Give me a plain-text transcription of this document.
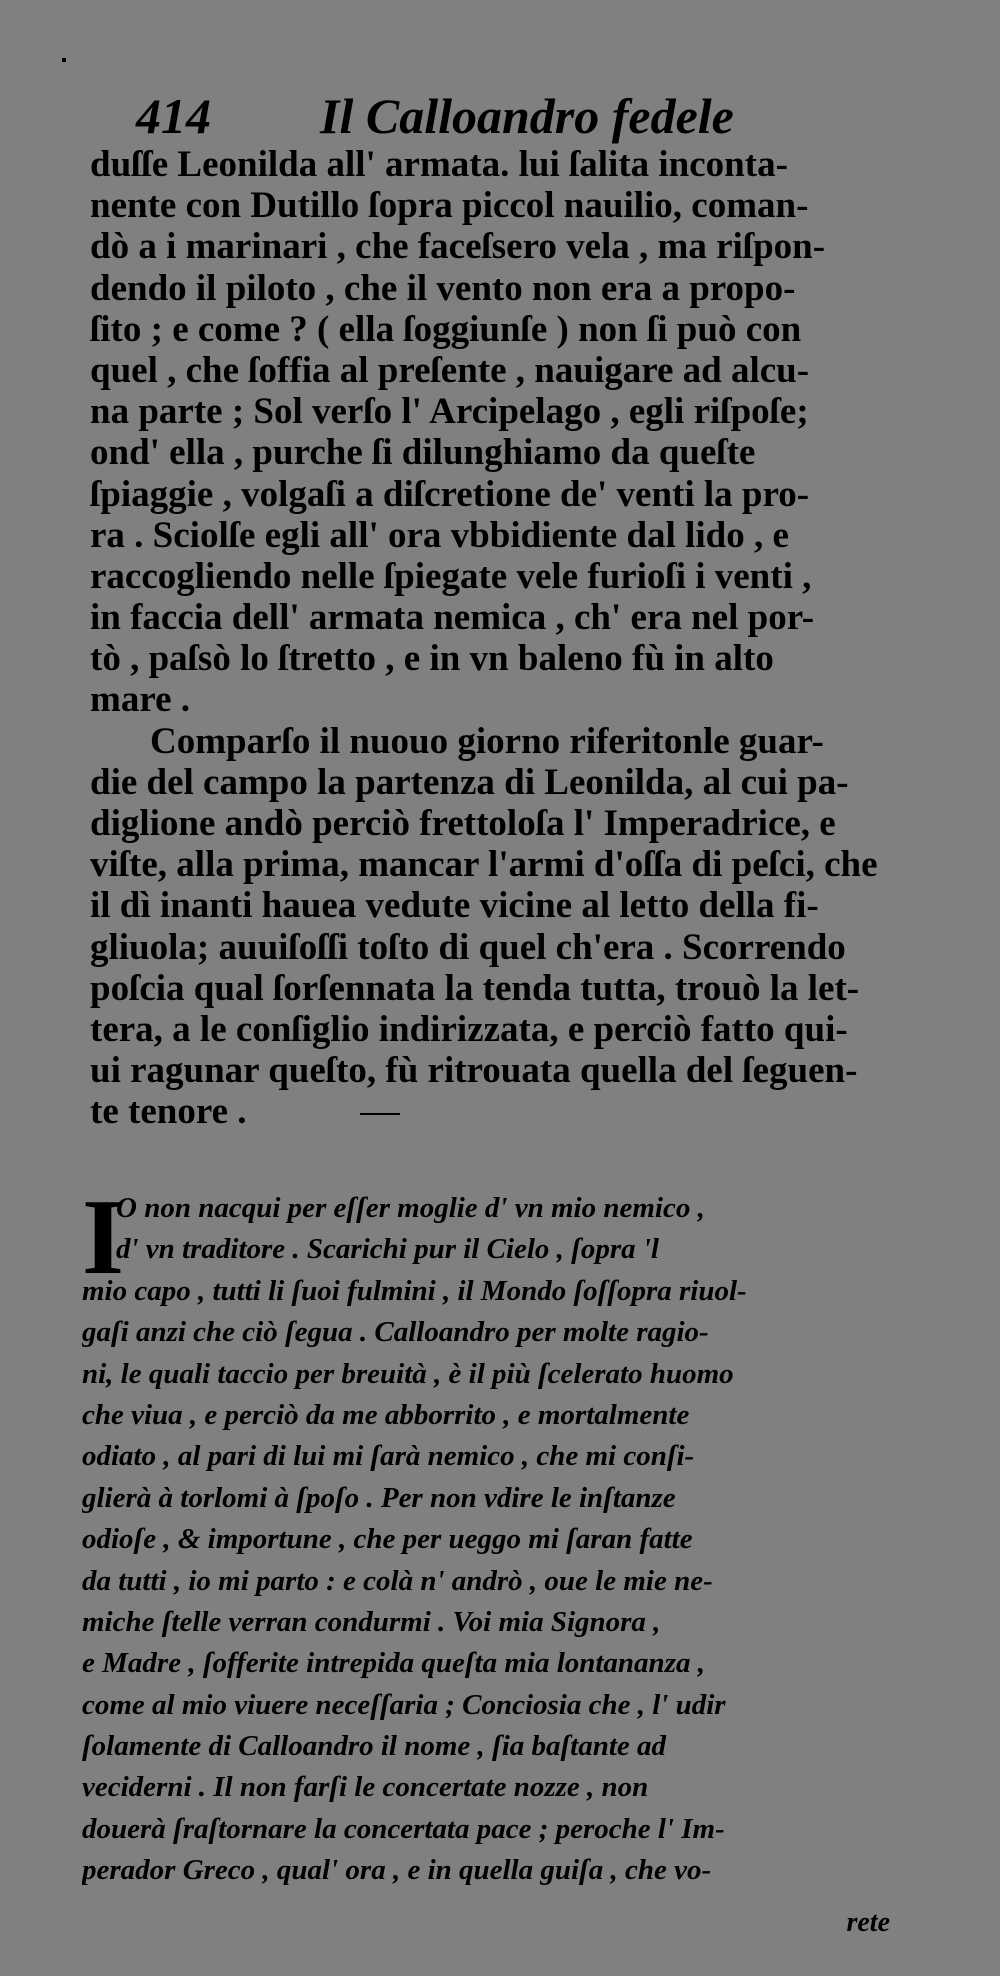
414 Il Calloandro fedele
duſſe Leonilda all' armata. lui ſalita inconta-
nente con Dutillo ſopra piccol nauilio, coman-
dò a i marinari , che faceſsero vela , ma riſpon-
dendo il piloto , che il vento non era a propo-
ſito ; e come ? ( ella ſoggiunſe ) non ſi può con
quel , che ſoffia al preſente , nauigare ad alcu-
na parte ; Sol verſo l' Arcipelago , egli riſpoſe;
ond' ella , purche ſi dilunghiamo da queſte
ſpiaggie , volgaſi a diſcretione de' venti la pro-
ra . Sciolſe egli all' ora vbbidiente dal lido , e
raccogliendo nelle ſpiegate vele furioſi i venti ,
in faccia dell' armata nemica , ch' era nel por-
tò , paſsò lo ſtretto , e in vn baleno fù in alto
mare .
Comparſo il nuouo giorno riferitonle guar-
die del campo la partenza di Leonilda, al cui pa-
diglione andò perciò frettoloſa l' Imperadrice, e
viſte, alla prima, mancar l'armi d'oſſa di peſci, che
il dì inanti hauea vedute vicine al letto della fi-
gliuola; auuiſoſſi toſto di quel ch'era . Scorrendo
poſcia qual ſorſennata la tenda tutta, trouò la let-
tera, a le conſiglio indirizzata, e perciò fatto qui-
ui ragunar queſto, fù ritrouata quella del ſeguen-
te tenore .
I
O non nacqui per eſſer moglie d' vn mio nemico ,
d' vn traditore . Scarichi pur il Cielo , ſopra 'l
mio capo , tutti li ſuoi fulmini , il Mondo ſoſſopra riuol-
gaſi anzi che ciò ſegua . Calloandro per molte ragio-
ni, le quali taccio per breuità , è il più ſcelerato huomo
che viua , e perciò da me abborrito , e mortalmente
odiato , al pari di lui mi ſarà nemico , che mi conſi-
glierà à torlomi à ſpoſo . Per non vdire le inſtanze
odioſe , & importune , che per ueggo mi ſaran fatte
da tutti , io mi parto : e colà n' andrò , oue le mie ne-
miche ſtelle verran condurmi . Voi mia Signora ,
e Madre , ſofferite intrepida queſta mia lontananza ,
come al mio viuere neceſſaria ; Conciosia che , l' udir
ſolamente di Calloandro il nome , ſia baſtante ad
veciderni . Il non farſi le concertate nozze , non
douerà ſraſtornare la concertata pace ; peroche l' Im-
perador Greco , qual' ora , e in quella guiſa , che vo-
rete
